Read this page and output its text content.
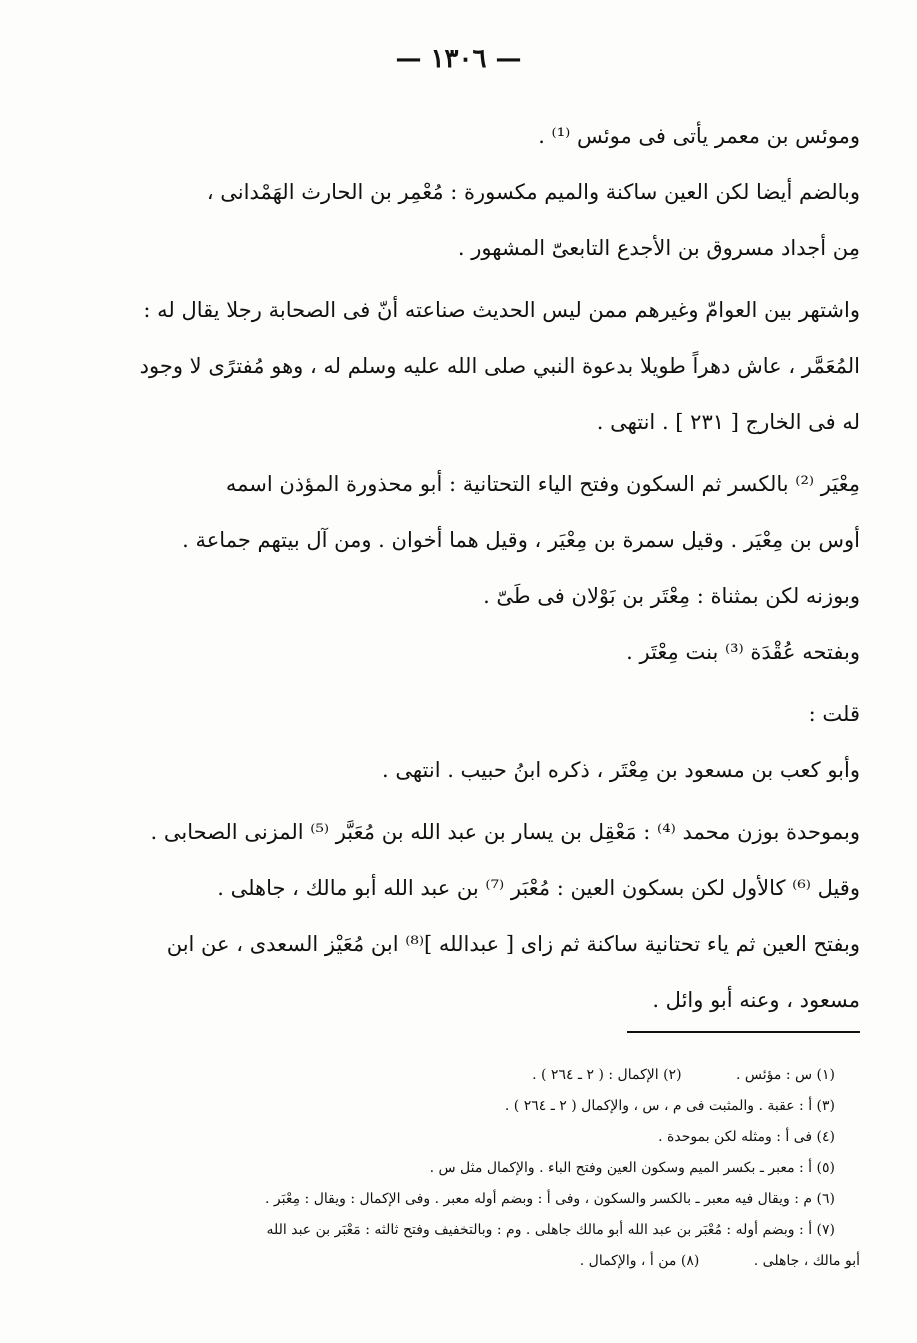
— ١٣٠٦ —
وموئس بن معمر يأتى فى موئس ⁽¹⁾ .
وبالضم أيضا لكن العين ساكنة والميم مكسورة : مُعْمِر بن الحارث الهَمْدانى ،
مِن أجداد مسروق بن الأجدع التابعىّ المشهور .
واشتهر بين العوامّ وغيرهم ممن ليس الحديث صناعته أنّ فى الصحابة رجلا يقال له :
المُعَمَّر ، عاش دهراً طويلا بدعوة النبي صلى الله عليه وسلم له ، وهو مُفترًى لا وجود
له فى الخارج [ ٢٣١ ] . انتهى .
مِعْيَر ⁽²⁾ بالكسر ثم السكون وفتح الياء التحتانية : أبو محذورة المؤذن اسمه
أوس بن مِعْيَر . وقيل سمرة بن مِعْيَر ، وقيل هما أخوان . ومن آل بيتهم جماعة .
وبوزنه لكن بمثناة : مِعْتَر بن بَوْلان فى طَىّ .
وبفتحه عُقْدَة ⁽³⁾ بنت مِعْتَر .
قلت :
وأبو كعب بن مسعود بن مِعْتَر ، ذكره ابنُ حبيب . انتهى .
وبموحدة بوزن محمد ⁽⁴⁾ : مَعْقِل بن يسار بن عبد الله بن مُعَبَّر ⁽⁵⁾ المزنى الصحابى .
وقيل ⁽⁶⁾ كالأول لكن بسكون العين : مُعْبَر ⁽⁷⁾ بن عبد الله أبو مالك ، جاهلى .
وبفتح العين ثم ياء تحتانية ساكنة ثم زاى [ عبدالله ]⁽⁸⁾ ابن مُعَيْز السعدى ، عن ابن
مسعود ، وعنه أبو وائل .
(١) س : مؤئس . (٢) الإكمال : ( ٢ ـ ٢٦٤ ) .
(٣) أ : عقبة . والمثبت فى م ، س ، والإكمال ( ٢ ـ ٢٦٤ ) .
(٤) فى أ : ومثله لكن بموحدة .
(٥) أ : معبر ـ بكسر الميم وسكون العين وفتح الباء . والإكمال مثل س .
(٦) م : ويقال فيه معبر ـ بالكسر والسكون ، وفى أ : وبضم أوله معبر . وفى الإكمال : ويقال : مِعْبَر .
(٧) أ : وبضم أوله : مُعْبَر بن عبد الله أبو مالك جاهلى . وم : وبالتخفيف وفتح ثالثه : مَعْبَر بن عبد الله
أبو مالك ، جاهلى . (٨) من أ ، والإكمال .
